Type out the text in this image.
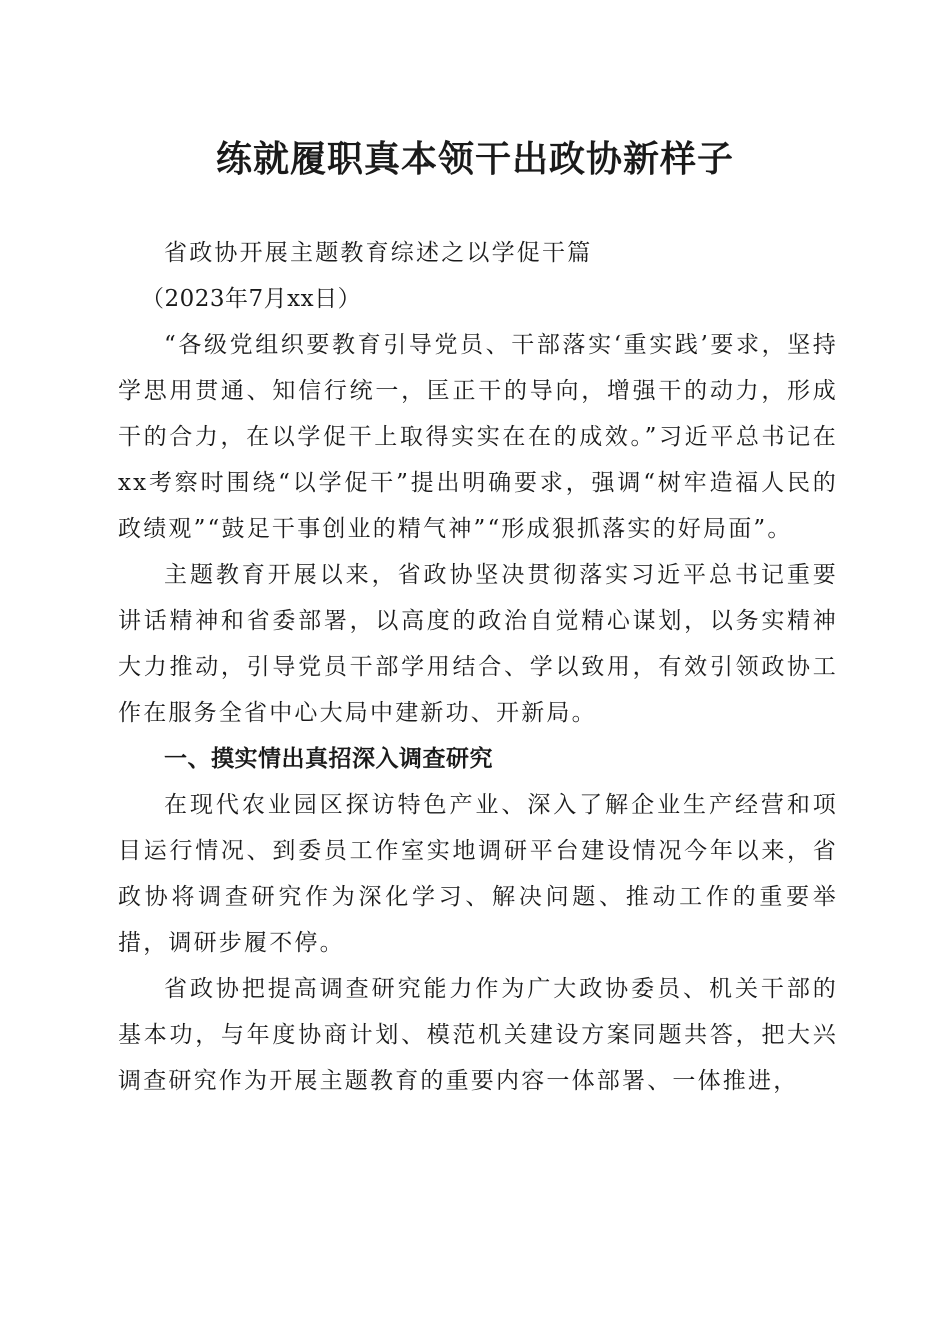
练就履职真本领干出政协新样子

省政协开展主题教育综述之以学促干篇

（2023年7月xx日）

“各级党组织要教育引导党员、干部落实‘重实践’要求，坚持学思用贯通、知信行统一，匡正干的导向，增强干的动力，形成干的合力，在以学促干上取得实实在在的成效。”习近平总书记在xx考察时围绕“以学促干”提出明确要求，强调“树牢造福人民的政绩观”“鼓足干事创业的精气神”“形成狠抓落实的好局面”。

主题教育开展以来，省政协坚决贯彻落实习近平总书记重要讲话精神和省委部署，以高度的政治自觉精心谋划，以务实精神大力推动，引导党员干部学用结合、学以致用，有效引领政协工作在服务全省中心大局中建新功、开新局。

一、摸实情出真招深入调查研究

在现代农业园区探访特色产业、深入了解企业生产经营和项目运行情况、到委员工作室实地调研平台建设情况今年以来，省政协将调查研究作为深化学习、解决问题、推动工作的重要举措，调研步履不停。

省政协把提高调查研究能力作为广大政协委员、机关干部的基本功，与年度协商计划、模范机关建设方案同题共答，把大兴调查研究作为开展主题教育的重要内容一体部署、一体推进，
